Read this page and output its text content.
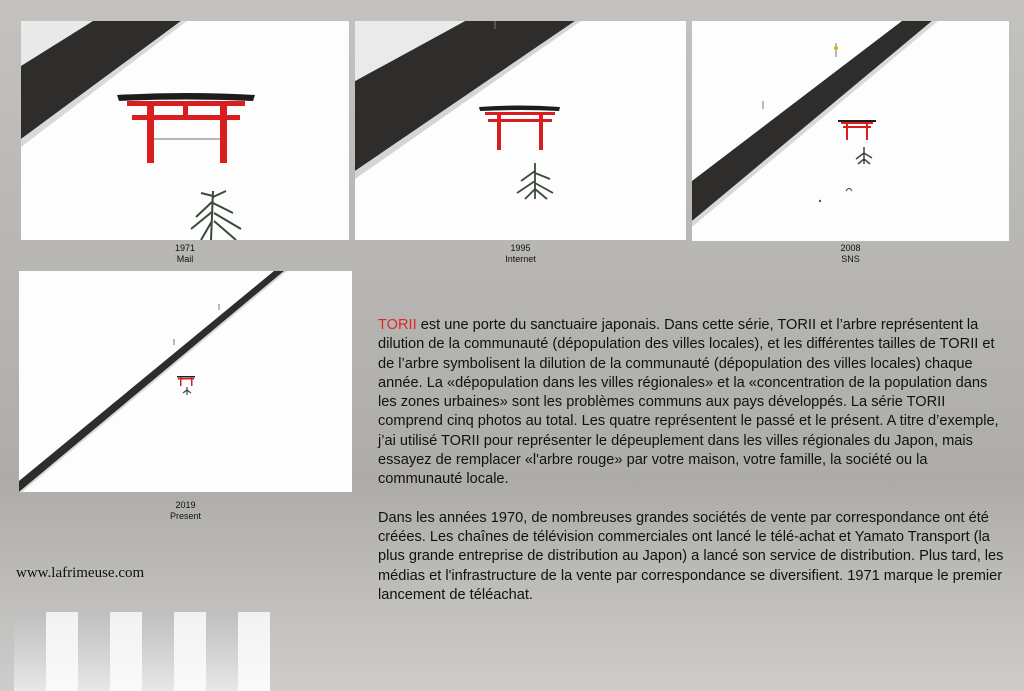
1971
Mail
1995
Internet
2008
SNS
2019
Present

TORII est une porte du sanctuaire japonais. Dans cette série, TORII et l’arbre représentent la dilution de la communauté (dépopulation des villes locales), et les différentes tailles de TORII et de l’arbre symbolisent la dilution de la communauté (dépopulation des villes locales) chaque année. La «dépopulation dans les villes régionales» et la «concentration de la population dans les zones urbaines» sont les problèmes communs aux pays développés. La série TORII comprend cinq photos au total. Les quatre représentent le passé et le présent. A titre d’exemple, j’ai utilisé TORII pour représenter le dépeuplement dans les villes régionales du Japon, mais essayez de remplacer «l'arbre rouge» par votre maison, votre famille, la société ou la communauté locale.

Dans les années 1970, de nombreuses grandes sociétés de vente par correspondance ont été créées. Les chaînes de télévision commerciales ont lancé le télé-achat et Yamato Transport (la plus grande entreprise de distribution au Japon) a lancé son service de distribution. Plus tard, les médias et l'infrastructure de la vente par correspondance se diversifient. 1971 marque le premier lancement de téléachat.

www.lafrimeuse.com
